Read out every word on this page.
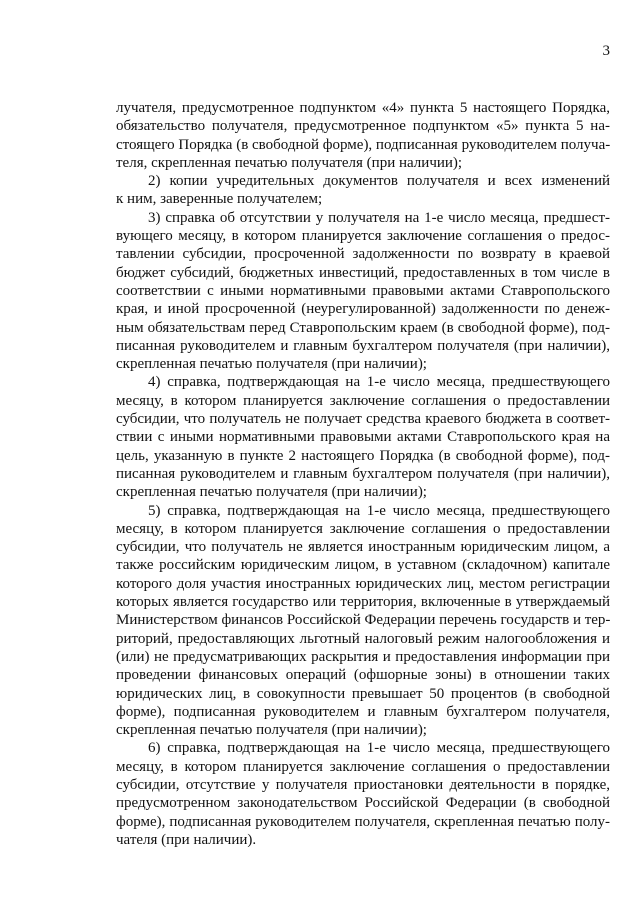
3
лучателя, предусмотренное подпунктом «4» пункта 5 настоящего Порядка,
обязательство получателя, предусмотренное подпунктом «5» пункта 5 на-
стоящего Порядка (в свободной форме), подписанная руководителем получа-
теля, скрепленная печатью получателя (при наличии);
2) копии учредительных документов получателя и всех изменений
к ним, заверенные получателем;
3) справка об отсутствии у получателя на 1-е число месяца, предшест-
вующего месяцу, в котором планируется заключение соглашения о предос-
тавлении субсидии, просроченной задолженности по возврату в краевой
бюджет субсидий, бюджетных инвестиций, предоставленных в том числе в
соответствии с иными нормативными правовыми актами Ставропольского
края, и иной просроченной (неурегулированной) задолженности по денеж-
ным обязательствам перед Ставропольским краем (в свободной форме), под-
писанная руководителем и главным бухгалтером получателя (при наличии),
скрепленная печатью получателя (при наличии);
4) справка, подтверждающая на 1-е число месяца, предшествующего
месяцу, в котором планируется заключение соглашения о предоставлении
субсидии, что получатель не получает средства краевого бюджета в соответ-
ствии с иными нормативными правовыми актами Ставропольского края на
цель, указанную в пункте 2 настоящего Порядка (в свободной форме), под-
писанная руководителем и главным бухгалтером получателя (при наличии),
скрепленная печатью получателя (при наличии);
5) справка, подтверждающая на 1-е число месяца, предшествующего
месяцу, в котором планируется заключение соглашения о предоставлении
субсидии, что получатель не является иностранным юридическим лицом, а
также российским юридическим лицом, в уставном (складочном) капитале
которого доля участия иностранных юридических лиц, местом регистрации
которых является государство или территория, включенные в утверждаемый
Министерством финансов Российской Федерации перечень государств и тер-
риторий, предоставляющих льготный налоговый режим налогообложения и
(или) не предусматривающих раскрытия и предоставления информации при
проведении финансовых операций (офшорные зоны) в отношении таких
юридических лиц, в совокупности превышает 50 процентов (в свободной
форме), подписанная руководителем и главным бухгалтером получателя,
скрепленная печатью получателя (при наличии);
6) справка, подтверждающая на 1-е число месяца, предшествующего
месяцу, в котором планируется заключение соглашения о предоставлении
субсидии, отсутствие у получателя приостановки деятельности в порядке,
предусмотренном законодательством Российской Федерации (в свободной
форме), подписанная руководителем получателя, скрепленная печатью полу-
чателя (при наличии).
